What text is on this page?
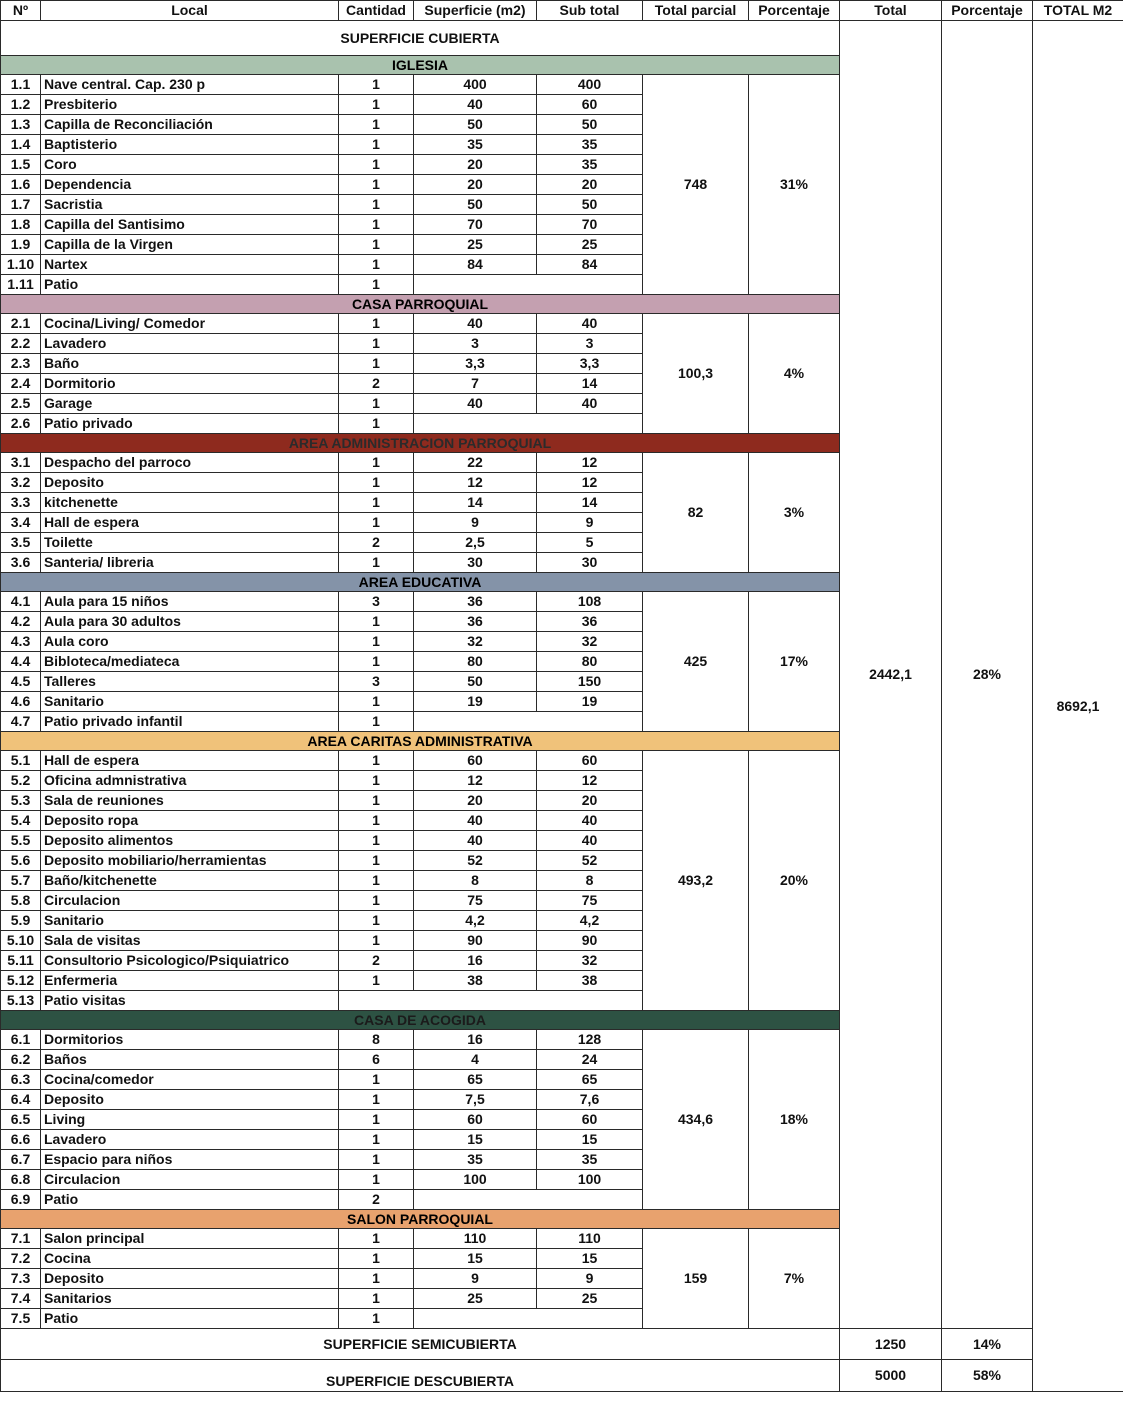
Nº	Local	Cantidad	Superficie (m2)	Sub total	Total parcial	Porcentaje	Total	Porcentaje	TOTAL M2
SUPERFICIE CUBIERTA							2442,1	28%	8692,1
IGLESIA									
1.1	Nave central. Cap. 230 p	1	400	400	748	31%			
1.2	Presbiterio	1	40	60					
1.3	Capilla de Reconciliación	1	50	50					
1.4	Baptisterio	1	35	35					
1.5	Coro	1	20	35					
1.6	Dependencia	1	20	20					
1.7	Sacristia	1	50	50					
1.8	Capilla del Santisimo	1	70	70					
1.9	Capilla de la Virgen	1	25	25					
1.10	Nartex	1	84	84					
1.11	Patio	1							
CASA PARROQUIAL									
2.1	Cocina/Living/ Comedor	1	40	40	100,3	4%			
2.2	Lavadero	1	3	3					
2.3	Baño	1	3,3	3,3					
2.4	Dormitorio	2	7	14					
2.5	Garage	1	40	40					
2.6	Patio privado	1							
AREA ADMINISTRACION PARROQUIAL									
3.1	Despacho del parroco	1	22	12	82	3%			
3.2	Deposito	1	12	12					
3.3	kitchenette	1	14	14					
3.4	Hall de espera	1	9	9					
3.5	Toilette	2	2,5	5					
3.6	Santeria/ libreria	1	30	30					
AREA EDUCATIVA									
4.1	Aula para 15 niños	3	36	108	425	17%			
4.2	Aula para 30 adultos	1	36	36					
4.3	Aula coro	1	32	32					
4.4	Bibloteca/mediateca	1	80	80					
4.5	Talleres	3	50	150					
4.6	Sanitario	1	19	19					
4.7	Patio privado infantil	1							
AREA CARITAS ADMINISTRATIVA									
5.1	Hall de espera	1	60	60	493,2	20%			
5.2	Oficina admnistrativa	1	12	12					
5.3	Sala de reuniones	1	20	20					
5.4	Deposito ropa	1	40	40					
5.5	Deposito alimentos	1	40	40					
5.6	Deposito mobiliario/herramientas	1	52	52					
5.7	Baño/kitchenette	1	8	8					
5.8	Circulacion	1	75	75					
5.9	Sanitario	1	4,2	4,2					
5.10	Sala de visitas	1	90	90					
5.11	Consultorio Psicologico/Psiquiatrico	2	16	32					
5.12	Enfermeria	1	38	38					
5.13	Patio visitas								
CASA DE ACOGIDA									
6.1	Dormitorios	8	16	128	434,6	18%			
6.2	Baños	6	4	24					
6.3	Cocina/comedor	1	65	65					
6.4	Deposito	1	7,5	7,6					
6.5	Living	1	60	60					
6.6	Lavadero	1	15	15					
6.7	Espacio para niños	1	35	35					
6.8	Circulacion	1	100	100					
6.9	Patio	2							
SALON PARROQUIAL									
7.1	Salon principal	1	110	110	159	7%			
7.2	Cocina	1	15	15					
7.3	Deposito	1	9	9					
7.4	Sanitarios	1	25	25					
7.5	Patio	1							
SUPERFICIE SEMICUBIERTA							1250	14%	
SUPERFICIE DESCUBIERTA							5000	58%	
